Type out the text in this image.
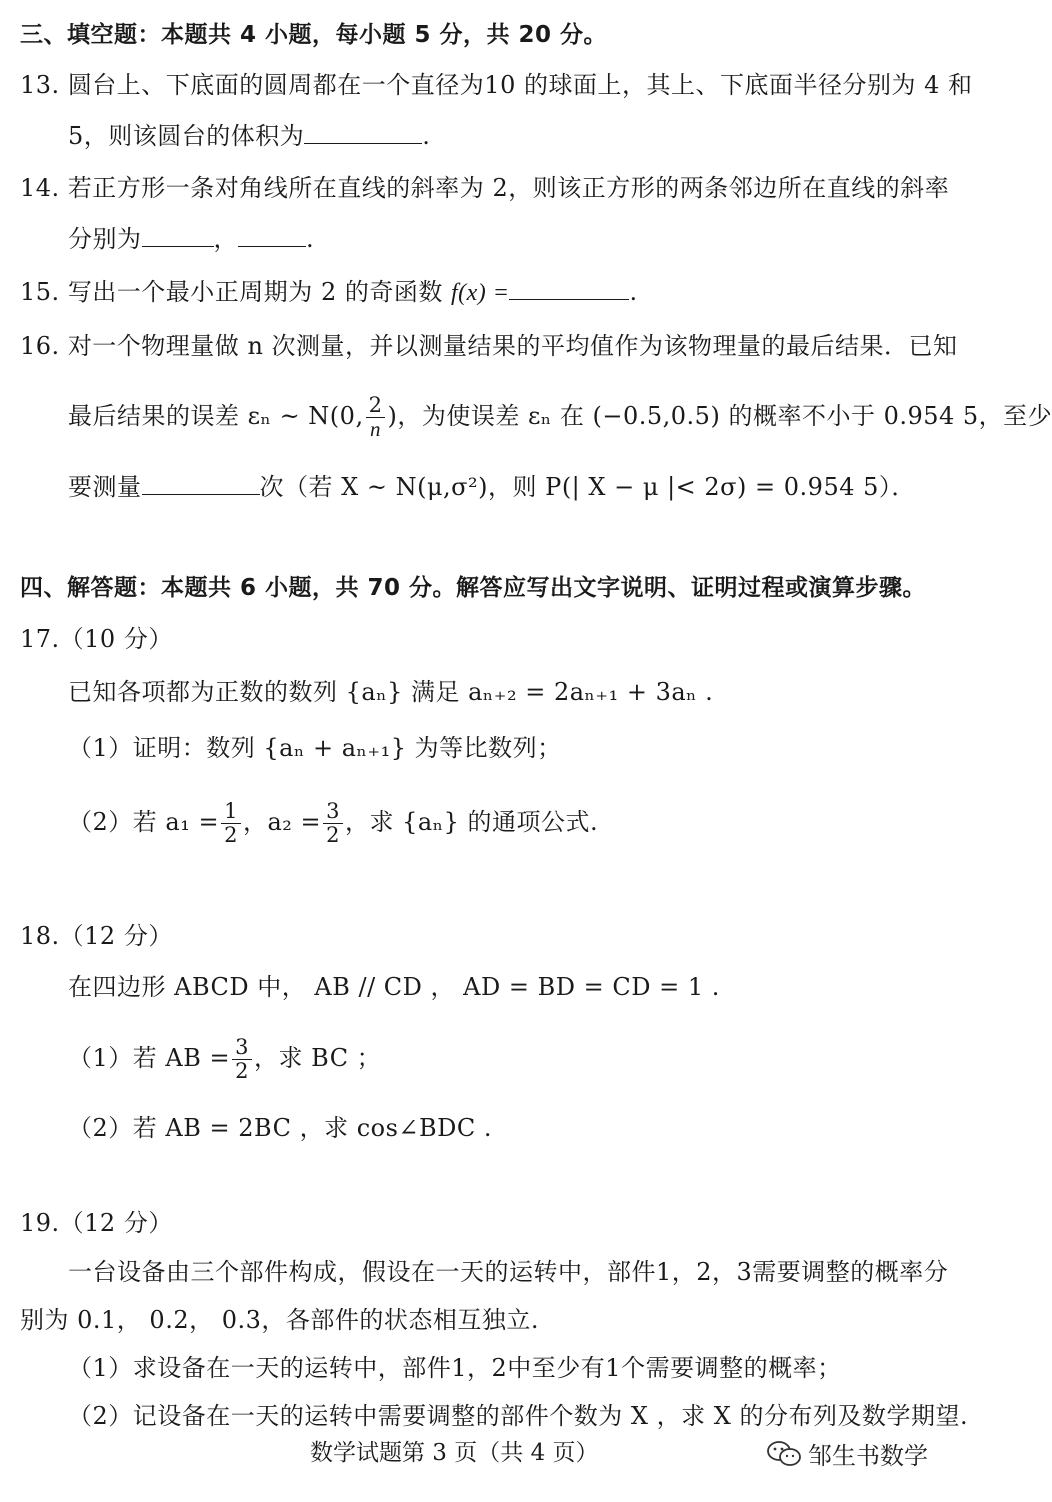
三、填空题：本题共 4 小题，每小题 5 分，共 20 分。
13. 圆台上、下底面的圆周都在一个直径为10 的球面上，其上、下底面半径分别为 4 和
5，则该圆台的体积为	.
14. 若正方形一条对角线所在直线的斜率为 2，则该正方形的两条邻边所在直线的斜率
分别为	，	.
15. 写出一个最小正周期为 2 的奇函数 f(x) =	.
16. 对一个物理量做 n 次测量，并以测量结果的平均值作为该物理量的最后结果．已知
最后结果的误差 εₙ ~ N(0, $\frac{2}{n}$ )，为使误差 εₙ 在 (−0.5,0.5) 的概率不小于 0.954 5，至少
要测量	次（若 X ~ N(μ,σ²)，则 P(| X − μ |< 2σ) = 0.954 5）．
四、解答题：本题共 6 小题，共 70 分。解答应写出文字说明、证明过程或演算步骤。
17.（10 分）
已知各项都为正数的数列 {aₙ} 满足 aₙ₊₂ = 2aₙ₊₁ + 3aₙ .
（1）证明：数列 {aₙ + aₙ₊₁} 为等比数列；
（2）若 $a_1 = \frac{1}{2}$ ，$a_2 = \frac{3}{2}$ ，求 {aₙ} 的通项公式.
18.（12 分）
在四边形 ABCD 中， AB // CD ， AD = BD = CD = 1 .
（1）若 AB = $\frac{3}{2}$ ，求 BC ；
（2）若 AB = 2BC ，求 cos∠BDC .
19.（12 分）
一台设备由三个部件构成，假设在一天的运转中，部件1，2，3需要调整的概率分
别为 0.1， 0.2， 0.3，各部件的状态相互独立.
（1）求设备在一天的运转中，部件1，2中至少有1个需要调整的概率；
（2）记设备在一天的运转中需要调整的部件个数为 X ，求 X 的分布列及数学期望.
数学试题第 3 页（共 4 页）	邹生书数学
